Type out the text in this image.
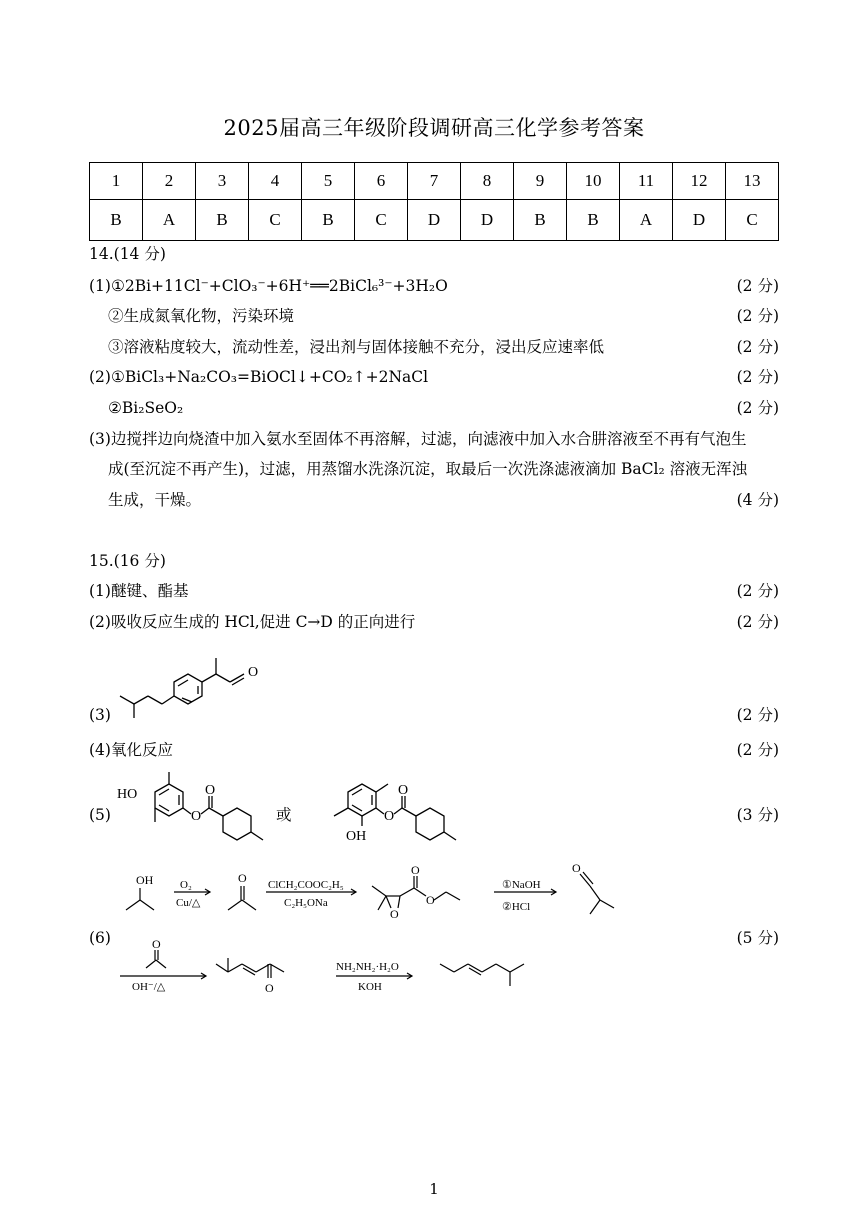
2025届高三年级阶段调研高三化学参考答案
1	2	3	4	5	6	7	8	9	10	11	12	13
B	A	B	C	B	C	D	D	B	B	A	D	C
14.(14 分)
(1)①2Bi+11Cl⁻+ClO₃⁻+6H⁺══2BiCl₆³⁻+3H₂O	(2 分)
②生成氮氧化物，污染环境	(2 分)
③溶液粘度较大，流动性差，浸出剂与固体接触不充分，浸出反应速率低	(2 分)
(2)①BiCl₃+Na₂CO₃=BiOCl↓+CO₂↑+2NaCl	(2 分)
②Bi₂SeO₂	(2 分)
(3)边搅拌边向烧渣中加入氨水至固体不再溶解，过滤，向滤液中加入水合肼溶液至不再有气泡生
成(至沉淀不再产生)，过滤，用蒸馏水洗涤沉淀，取最后一次洗涤滤液滴加 BaCl₂ 溶液无浑浊
生成，干燥。	(4 分)
15.(16 分)
(1)醚键、酯基	(2 分)
(2)吸收反应生成的 HCl,促进 C→D 的正向进行	(2 分)
O
(3)	(2 分)
(4)氧化反应	(2 分)
(5)
HO
O
O
或
OH
O
O
(3 分)
(6)	(5 分)
OH O₂
Cu/△
O ClCH₂COOC₂H₅
C₂H₅ONa
O
O
O
①NaOH
②HCl
O
O
OH⁻/△	O
NH₂NH₂·H₂O
KOH
1
